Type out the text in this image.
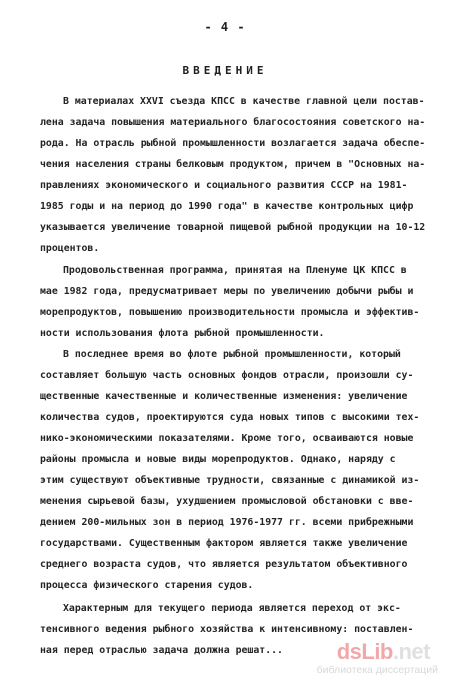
- 4 -
ВВЕДЕНИЕ
В материалах XXVI съезда КПСС в качестве главной цели постав-
лена задача повышения материального благосостояния советского на-
рода. На отрасль рыбной промышленности возлагается задача обеспе-
чения населения страны белковым продуктом, причем в "Основных на-
правлениях экономического и социального развития СССР на 1981-
1985 годы и на период до 1990 года" в качестве контрольных цифр
указывается увеличение товарной пищевой рыбной продукции на 10-12
процентов.
Продовольственная программа, принятая на Пленуме ЦК КПСС в
мае 1982 года, предусматривает меры по увеличению добычи рыбы и
морепродуктов, повышению производительности промысла и эффектив-
ности использования флота рыбной промышленности.
В последнее время во флоте рыбной промышленности, который
составляет большую часть основных фондов отрасли, произошли су-
щественные качественные и количественные изменения: увеличение
количества судов, проектируются суда новых типов с высокими тех-
нико-экономическими показателями. Кроме того, осваиваются новые
районы промысла и новые виды морепродуктов. Однако, наряду с
этим существуют объективные трудности, связанные с динамикой из-
менения сырьевой базы, ухудшением промысловой обстановки с вве-
дением 200-мильных зон в период 1976-1977 гг. всеми прибрежными
государствами. Существенным фактором является также увеличение
среднего возраста судов, что является результатом объективного
процесса физического старения судов.
Характерным для текущего периода является переход от экс-
тенсивного ведения рыбного хозяйства к интенсивному: поставлен-
ная перед отраслью задача должна решат... dsLib.net
библиотека диссертаций
